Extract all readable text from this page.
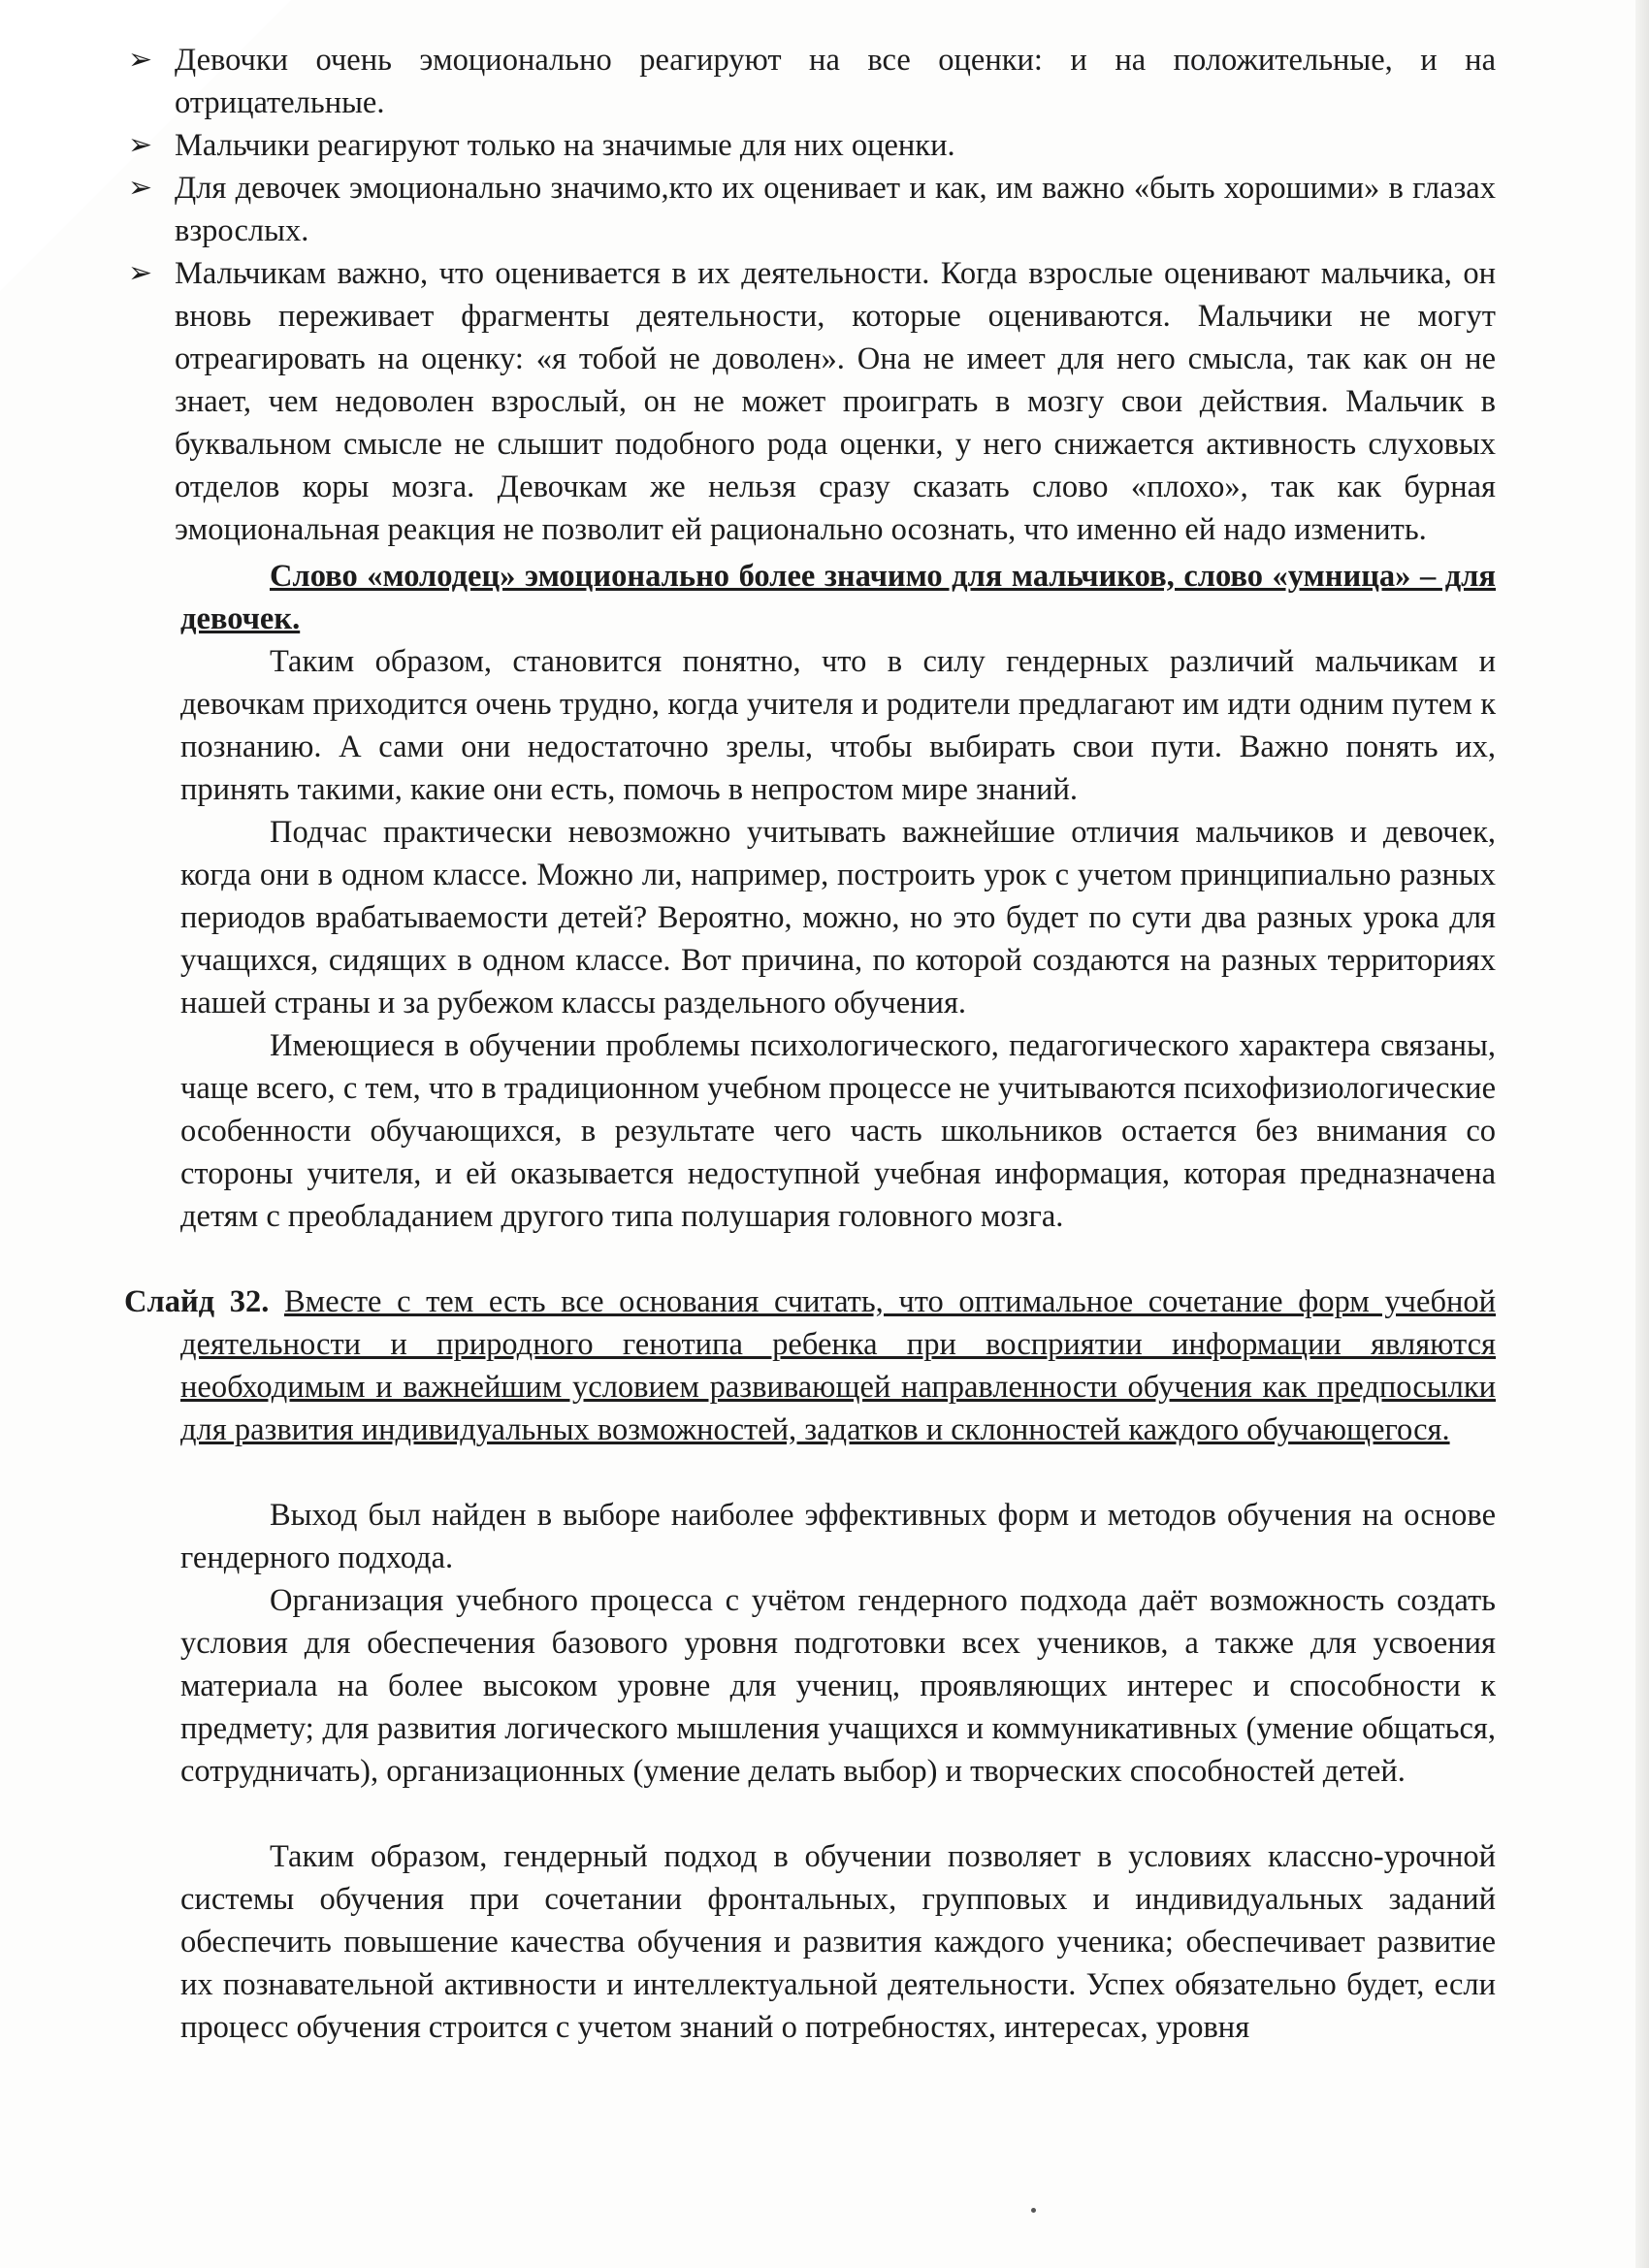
➢ Девочки очень эмоционально реагируют на все оценки: и на положительные, и на отрицательные.
➢ Мальчики реагируют только на значимые для них оценки.
➢ Для девочек эмоционально значимо,кто их оценивает и как, им важно «быть хорошими» в глазах взрослых.
➢ Мальчикам важно, что оценивается в их деятельности. Когда взрослые оценивают мальчика, он вновь переживает фрагменты деятельности, которые оцениваются. Мальчики не могут отреагировать на оценку: «я тобой не доволен». Она не имеет для него смысла, так как он не знает, чем недоволен взрослый, он не может проиграть в мозгу свои действия. Мальчик в буквальном смысле не слышит подобного рода оценки, у него снижается активность слуховых отделов коры мозга. Девочкам же нельзя сразу сказать слово «плохо», так как бурная эмоциональная реакция не позволит ей рационально осознать, что именно ей надо изменить.

Слово «молодец» эмоционально более значимо для мальчиков, слово «умница» – для девочек.

Таким образом, становится понятно, что в силу гендерных различий мальчикам и девочкам приходится очень трудно, когда учителя и родители предлагают им идти одним путем к познанию. А сами они недостаточно зрелы, чтобы выбирать свои пути. Важно понять их, принять такими, какие они есть, помочь в непростом мире знаний.

Подчас практически невозможно учитывать важнейшие отличия мальчиков и девочек, когда они в одном классе. Можно ли, например, построить урок с учетом принципиально разных периодов врабатываемости детей? Вероятно, можно, но это будет по сути два разных урока для учащихся, сидящих в одном классе. Вот причина, по которой создаются на разных территориях нашей страны и за рубежом классы раздельного обучения.

Имеющиеся в обучении проблемы психологического, педагогического характера связаны, чаще всего, с тем, что в традиционном учебном процессе не учитываются психофизиологические особенности обучающихся, в результате чего часть школьников остается без внимания со стороны учителя, и ей оказывается недоступной учебная информация, которая предназначена детям с преобладанием другого типа полушария головного мозга.

Слайд 32. Вместе с тем есть все основания считать, что оптимальное сочетание форм учебной деятельности и природного генотипа ребенка при восприятии информации являются необходимым и важнейшим условием развивающей направленности обучения как предпосылки для развития индивидуальных возможностей, задатков и склонностей каждого обучающегося.

Выход был найден в выборе наиболее эффективных форм и методов обучения на основе гендерного подхода.

Организация учебного процесса с учётом гендерного подхода даёт возможность создать условия для обеспечения базового уровня подготовки всех учеников, а также для усвоения материала на более высоком уровне для учениц, проявляющих интерес и способности к предмету; для развития логического мышления учащихся и коммуникативных (умение общаться, сотрудничать), организационных (умение делать выбор) и творческих способностей детей.

Таким образом, гендерный подход в обучении позволяет в условиях классно-урочной системы обучения при сочетании фронтальных, групповых и индивидуальных заданий обеспечить повышение качества обучения и развития каждого ученика; обеспечивает развитие их познавательной активности и интеллектуальной деятельности. Успех обязательно будет, если процесс обучения строится с учетом знаний о потребностях, интересах, уровня
